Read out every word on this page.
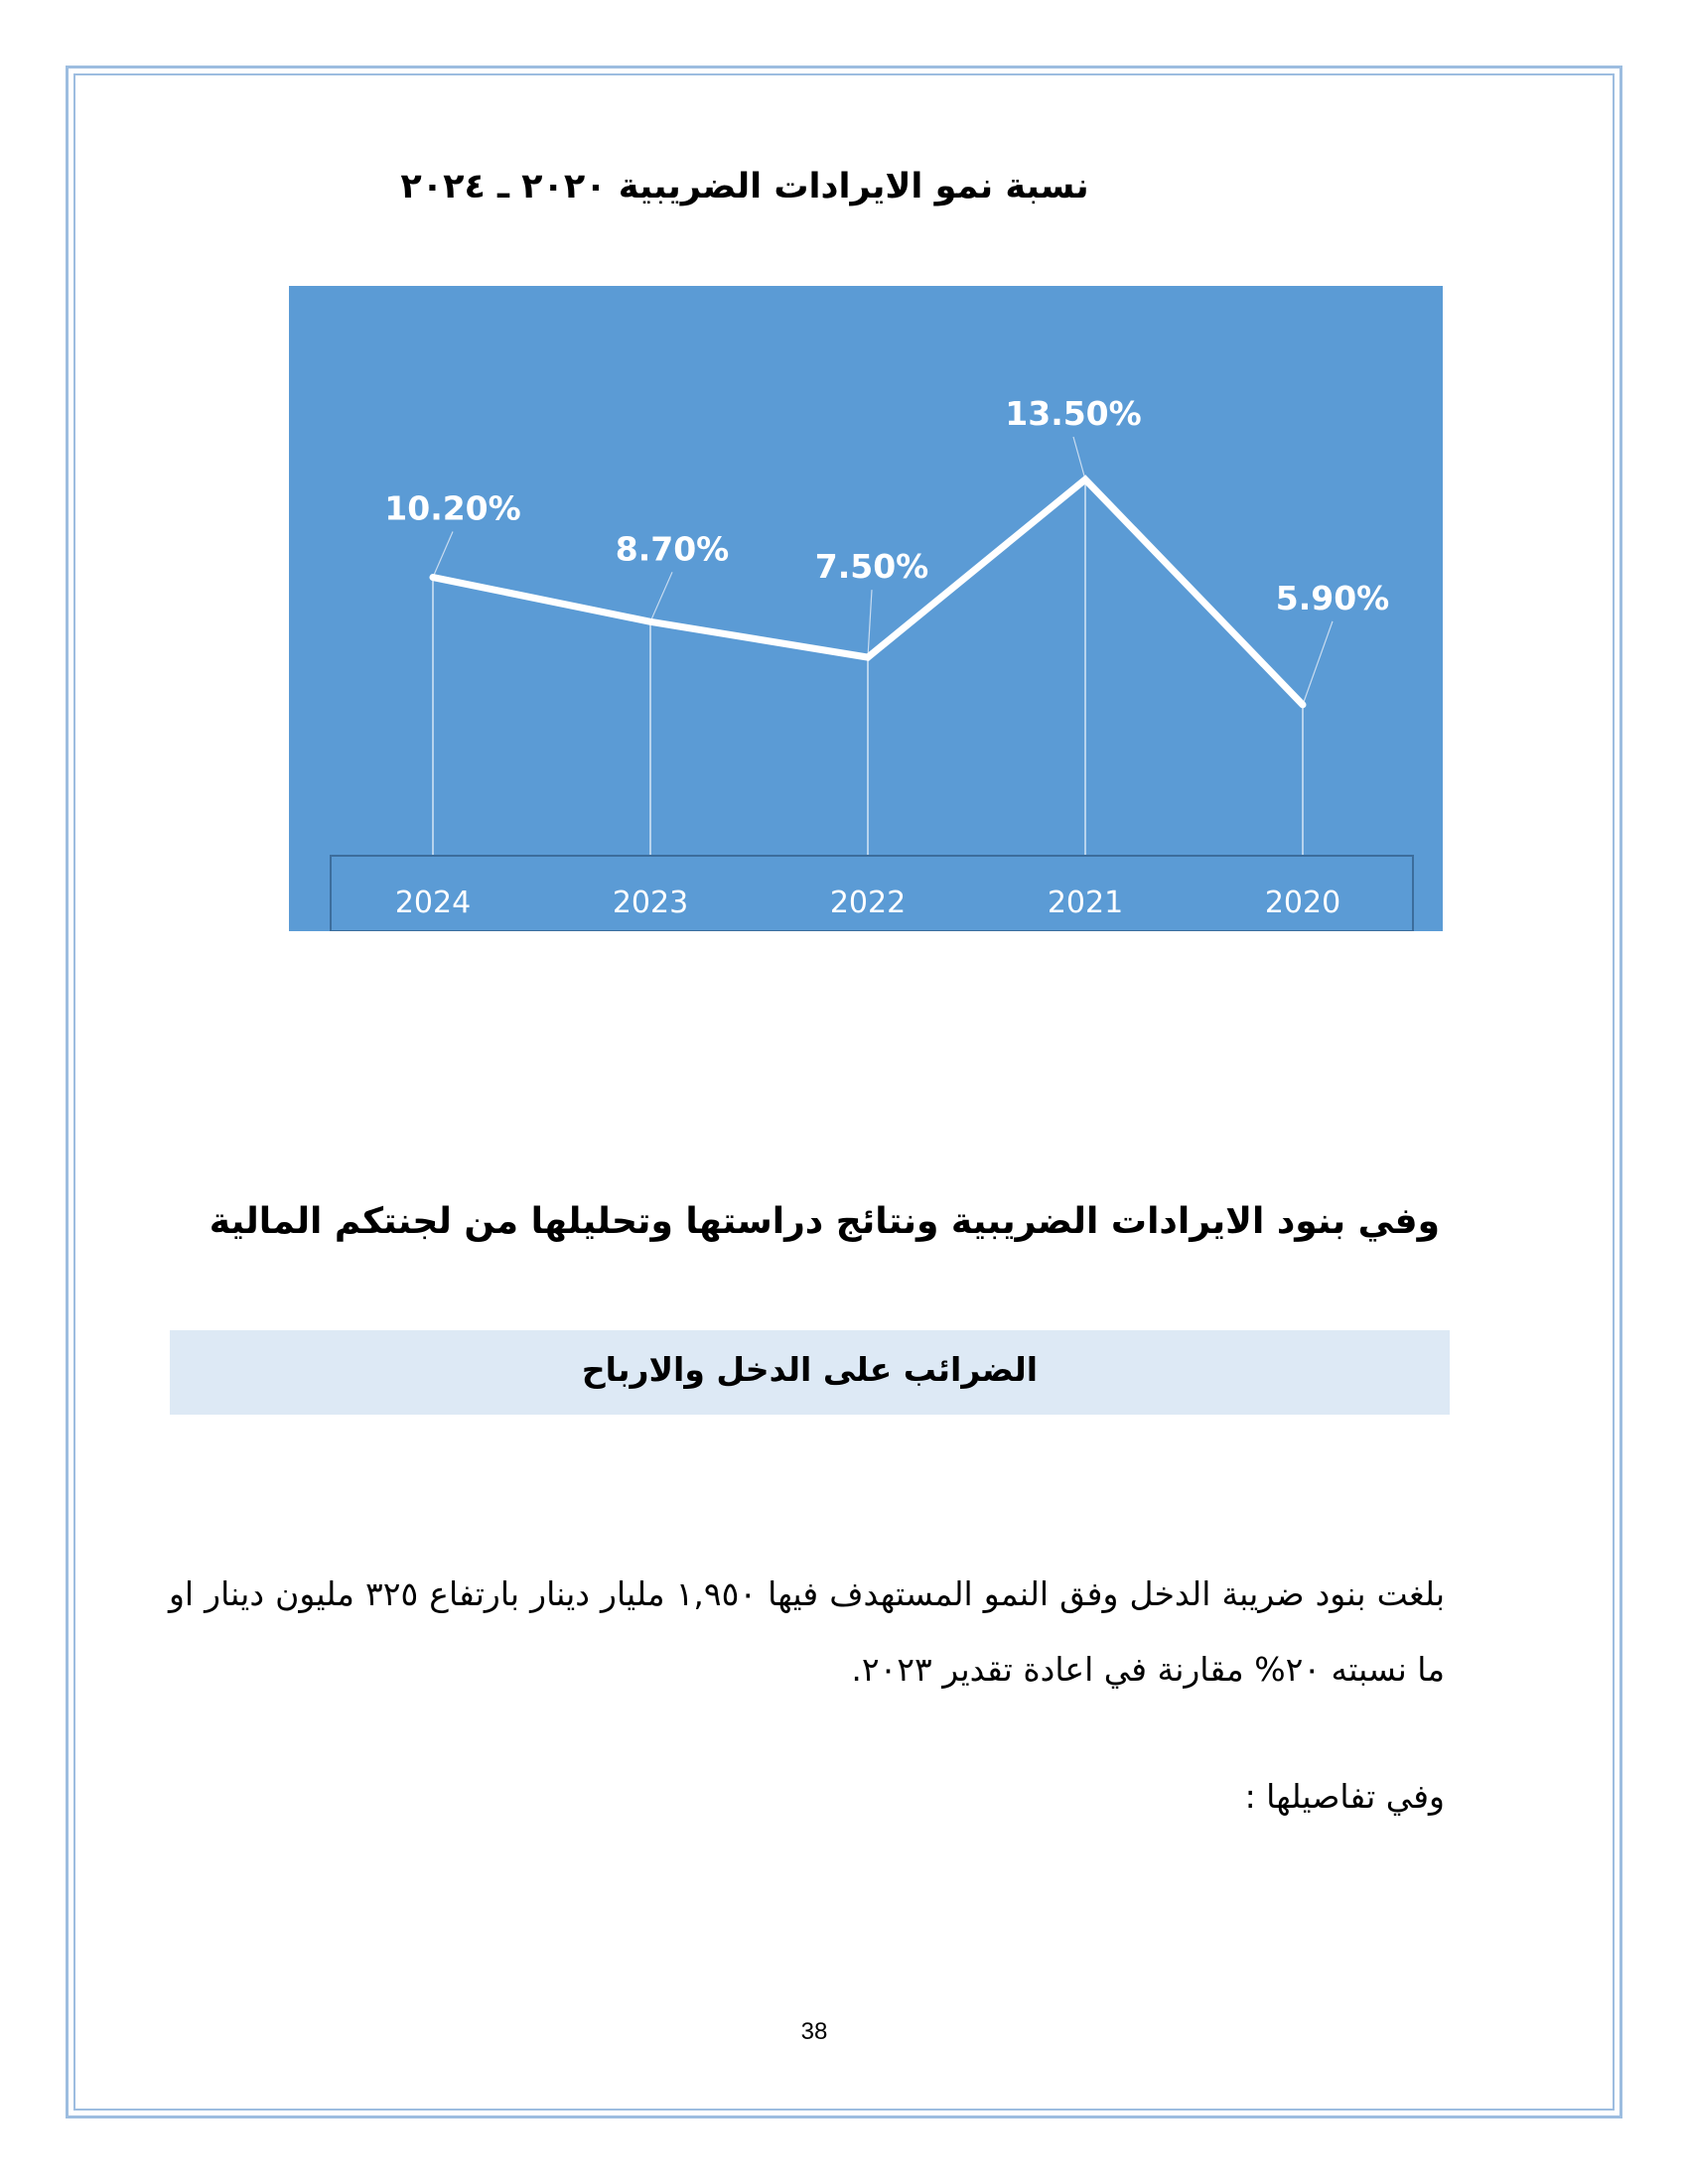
نسبة نمو الايرادات الضريبية ٢٠٢٠ ـ ٢٠٢٤
10.20%
8.70%	7.50%
13.50%
5.90%
2024	2023	2022	2021	2020

وفي بنود الايرادات الضريبية ونتائج دراستها وتحليلها من لجنتكم المالية

الضرائب على الدخل والارباح

بلغت بنود ضريبة الدخل وفق النمو المستهدف فيها ١,٩٥٠ مليار دينار بارتفاع ٣٢٥ مليون دينار او ما نسبته ٢٠% مقارنة في اعادة تقدير ٢٠٢٣.

وفي تفاصيلها :

38
